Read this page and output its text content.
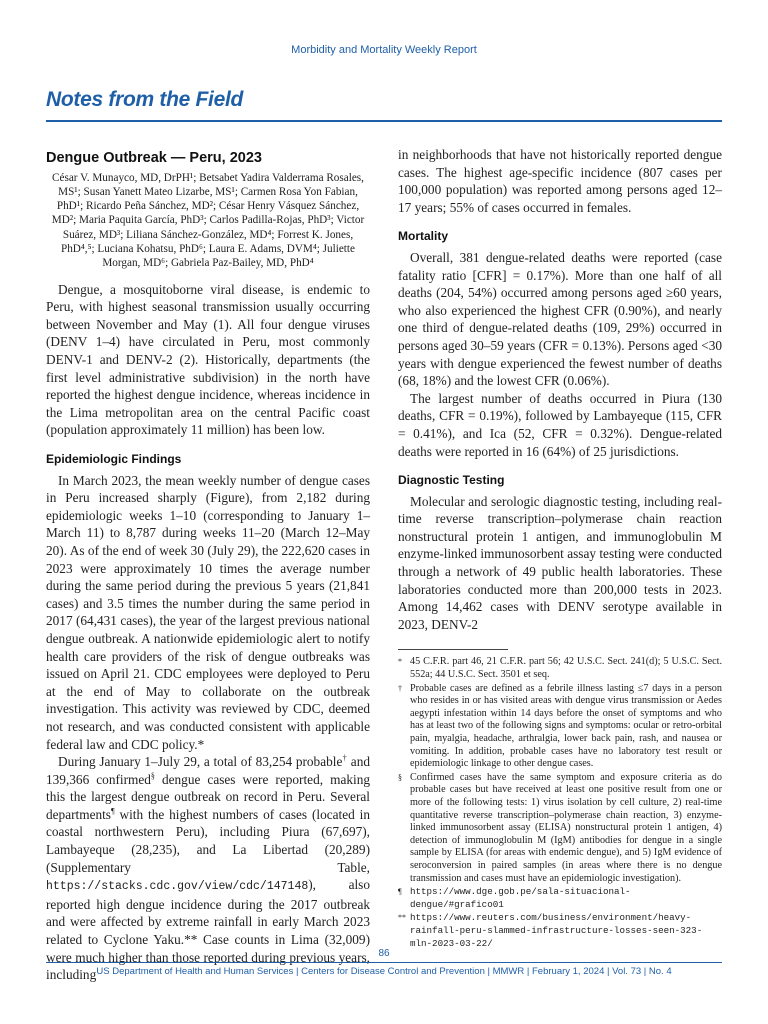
Morbidity and Mortality Weekly Report
Notes from the Field
Dengue Outbreak — Peru, 2023
César V. Munayco, MD, DrPH¹; Betsabet Yadira Valderrama Rosales, MS¹; Susan Yanett Mateo Lizarbe, MS¹; Carmen Rosa Yon Fabian, PhD¹; Ricardo Peña Sánchez, MD²; César Henry Vásquez Sánchez, MD²; Maria Paquita García, PhD³; Carlos Padilla-Rojas, PhD³; Victor Suárez, MD³; Liliana Sánchez-González, MD⁴; Forrest K. Jones, PhD⁴,⁵; Luciana Kohatsu, PhD⁶; Laura E. Adams, DVM⁴; Juliette Morgan, MD⁶; Gabriela Paz-Bailey, MD, PhD⁴

Dengue, a mosquitoborne viral disease, is endemic to Peru, with highest seasonal transmission usually occurring between November and May (1). All four dengue viruses (DENV 1–4) have circulated in Peru, most commonly DENV-1 and DENV-2 (2). Historically, departments (the first level administrative subdivision) in the north have reported the highest dengue incidence, whereas incidence in the Lima metropolitan area on the central Pacific coast (population approximately 11 million) has been low.

Epidemiologic Findings

In March 2023, the mean weekly number of dengue cases in Peru increased sharply (Figure), from 2,182 during epidemiologic weeks 1–10 (corresponding to January 1–March 11) to 8,787 during weeks 11–20 (March 12–May 20). As of the end of week 30 (July 29), the 222,620 cases in 2023 were approximately 10 times the average number during the same period during the previous 5 years (21,841 cases) and 3.5 times the number during the same period in 2017 (64,431 cases), the year of the largest previous national dengue outbreak. A nationwide epidemiologic alert to notify health care providers of the risk of dengue outbreaks was issued on April 21. CDC employees were deployed to Peru at the end of May to collaborate on the outbreak investigation. This activity was reviewed by CDC, deemed not research, and was conducted consistent with applicable federal law and CDC policy.*

During January 1–July 29, a total of 83,254 probable† and 139,366 confirmed§ dengue cases were reported, making this the largest dengue outbreak on record in Peru. Several departments¶ with the highest numbers of cases (located in coastal northwestern Peru), including Piura (67,697), Lambayeque (28,235), and La Libertad (20,289) (Supplementary Table, https://stacks.cdc.gov/view/cdc/147148), also reported high dengue incidence during the 2017 outbreak and were affected by extreme rainfall in early March 2023 related to Cyclone Yaku.** Case counts in Lima (32,009) were much higher than those reported during previous years, including

in neighborhoods that have not historically reported dengue cases. The highest age-specific incidence (807 cases per 100,000 population) was reported among persons aged 12–17 years; 55% of cases occurred in females.

Mortality

Overall, 381 dengue-related deaths were reported (case fatality ratio [CFR] = 0.17%). More than one half of all deaths (204, 54%) occurred among persons aged ≥60 years, who also experienced the highest CFR (0.90%), and nearly one third of dengue-related deaths (109, 29%) occurred in persons aged 30–59 years (CFR = 0.13%). Persons aged <30 years with dengue experienced the fewest number of deaths (68, 18%) and the lowest CFR (0.06%).

The largest number of deaths occurred in Piura (130 deaths, CFR = 0.19%), followed by Lambayeque (115, CFR = 0.41%), and Ica (52, CFR = 0.32%). Dengue-related deaths were reported in 16 (64%) of 25 jurisdictions.

Diagnostic Testing

Molecular and serologic diagnostic testing, including real-time reverse transcription–polymerase chain reaction nonstructural protein 1 antigen, and immunoglobulin M enzyme-linked immunosorbent assay testing were conducted through a network of 49 public health laboratories. These laboratories conducted more than 200,000 tests in 2023. Among 14,462 cases with DENV serotype available in 2023, DENV-2

* 45 C.F.R. part 46, 21 C.F.R. part 56; 42 U.S.C. Sect. 241(d); 5 U.S.C. Sect. 552a; 44 U.S.C. Sect. 3501 et seq.
† Probable cases are defined as a febrile illness lasting ≤7 days in a person who resides in or has visited areas with dengue virus transmission or Aedes aegypti infestation within 14 days before the onset of symptoms and who has at least two of the following signs and symptoms: ocular or retro-orbital pain, myalgia, headache, arthralgia, lower back pain, rash, and nausea or vomiting. In addition, probable cases have no laboratory test result or epidemiologic linkage to other dengue cases.
§ Confirmed cases have the same symptom and exposure criteria as do probable cases but have received at least one positive result from one or more of the following tests: 1) virus isolation by cell culture, 2) real-time quantitative reverse transcription–polymerase chain reaction, 3) enzyme-linked immunosorbent assay (ELISA) nonstructural protein 1 antigen, 4) detection of immunoglobulin M (IgM) antibodies for dengue in a single sample by ELISA (for areas with endemic dengue), and 5) IgM evidence of seroconversion in paired samples (in areas where there is no dengue transmission and cases must have an epidemiologic investigation).
¶ https://www.dge.gob.pe/sala-situacional-dengue/#grafico01
** https://www.reuters.com/business/environment/heavy-rainfall-peru-slammed-infrastructure-losses-seen-323-mln-2023-03-22/
86
US Department of Health and Human Services | Centers for Disease Control and Prevention | MMWR | February 1, 2024 | Vol. 73 | No. 4
